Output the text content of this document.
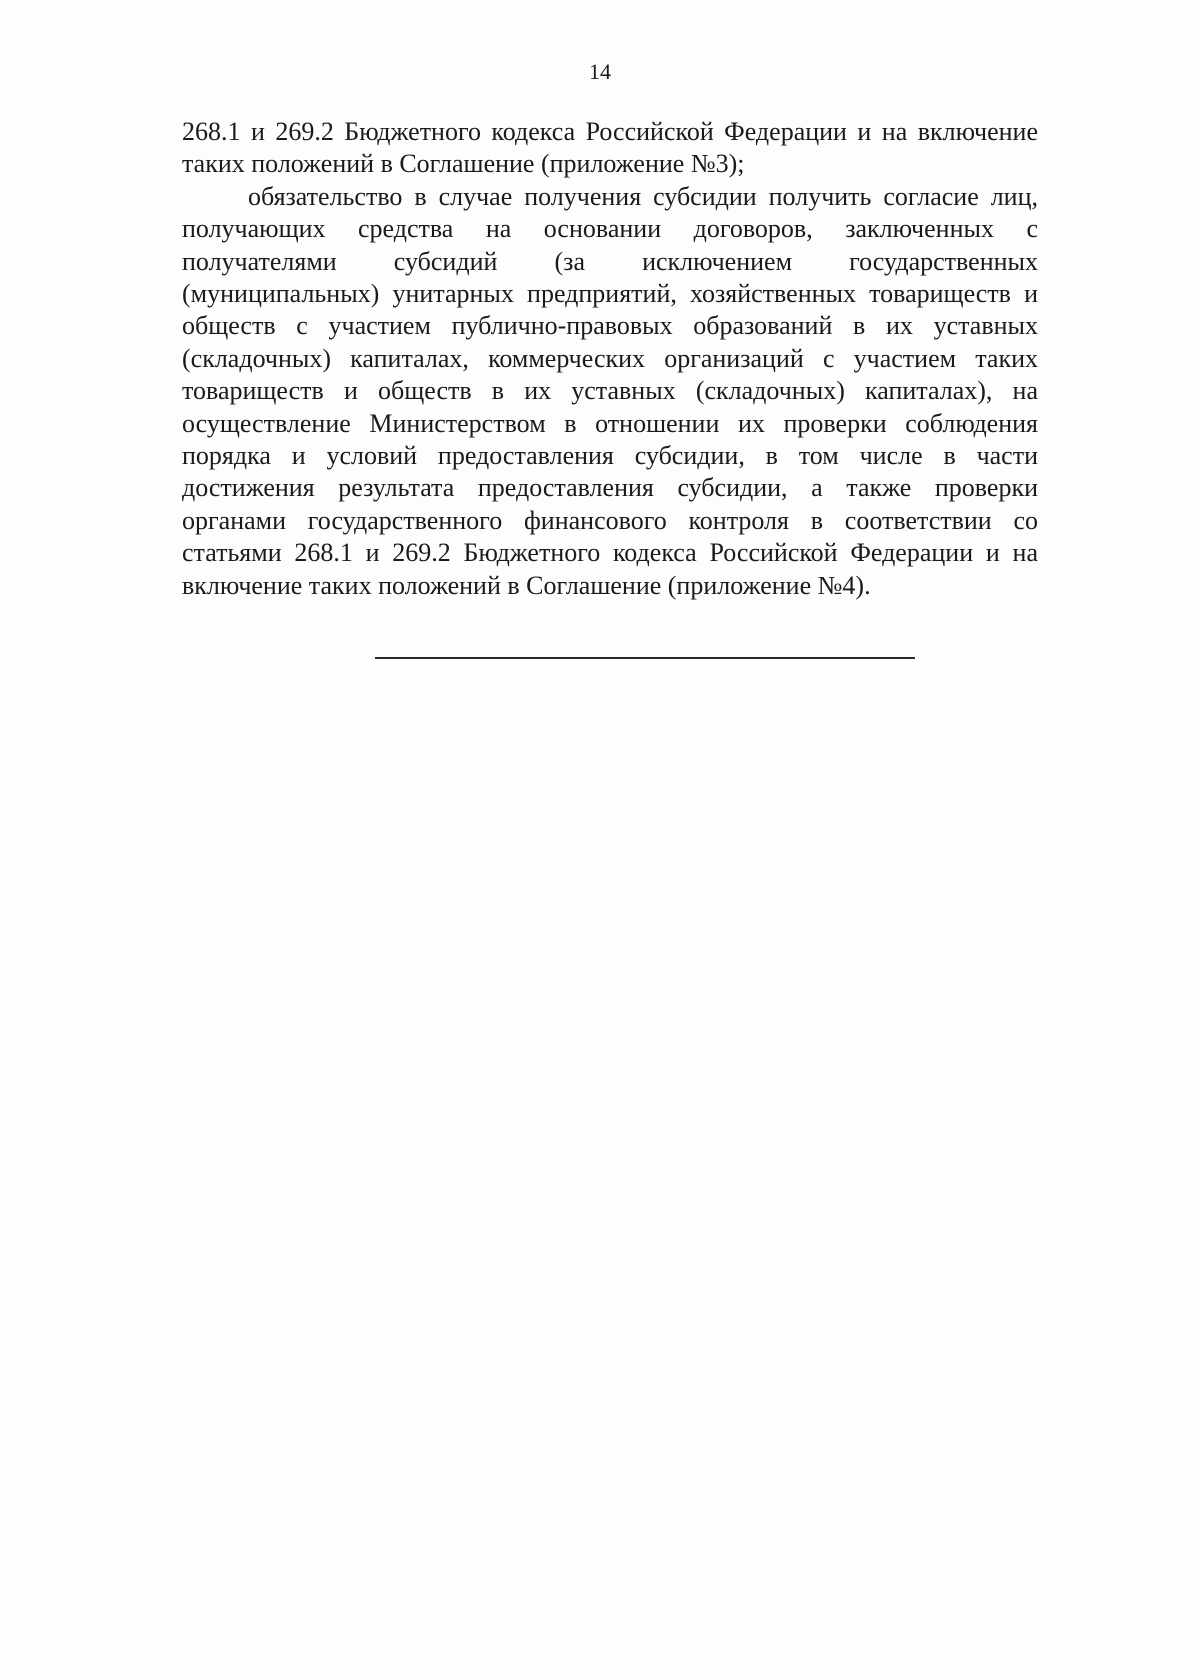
14

268.1 и 269.2 Бюджетного кодекса Российской Федерации и на включение таких положений в Соглашение (приложение №3);

обязательство в случае получения субсидии получить согласие лиц, получающих средства на основании договоров, заключенных с получателями субсидий (за исключением государственных (муниципальных) унитарных предприятий, хозяйственных товариществ и обществ с участием публично-правовых образований в их уставных (складочных) капиталах, коммерческих организаций с участием таких товариществ и обществ в их уставных (складочных) капиталах), на осуществление Министерством в отношении их проверки соблюдения порядка и условий предоставления субсидии, в том числе в части достижения результата предоставления субсидии, а также проверки органами государственного финансового контроля в соответствии со статьями 268.1 и 269.2 Бюджетного кодекса Российской Федерации и на включение таких положений в Соглашение (приложение №4).
